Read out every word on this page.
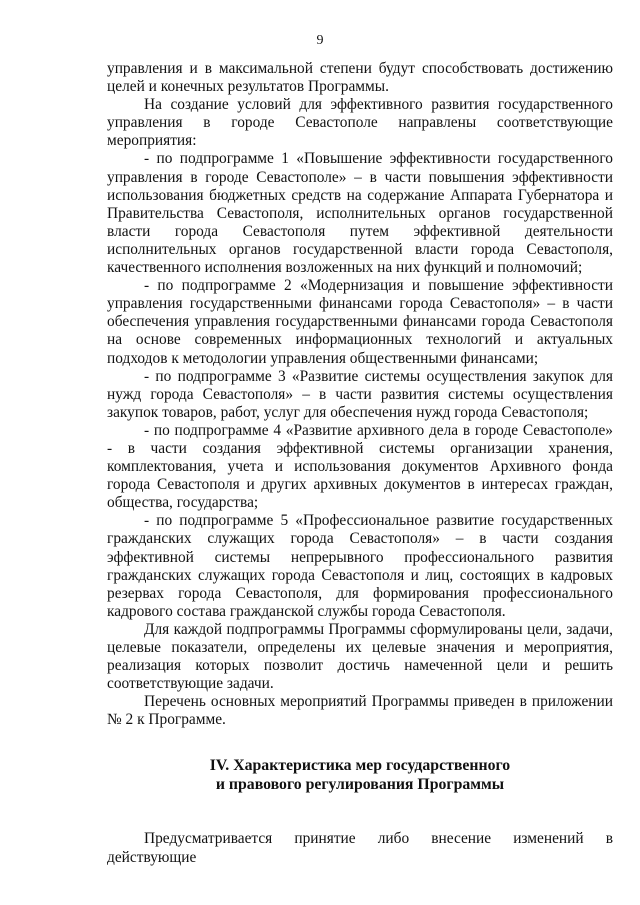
9

управления и в максимальной степени будут способствовать достижению целей и конечных результатов Программы.

На создание условий для эффективного развития государственного управления в городе Севастополе направлены соответствующие мероприятия:

- по подпрограмме 1 «Повышение эффективности государственного управления в городе Севастополе» – в части повышения эффективности использования бюджетных средств на содержание Аппарата Губернатора и Правительства Севастополя, исполнительных органов государственной власти города Севастополя путем эффективной деятельности исполнительных органов государственной власти города Севастополя, качественного исполнения возложенных на них функций и полномочий;

- по подпрограмме 2 «Модернизация и повышение эффективности управления государственными финансами города Севастополя» – в части обеспечения управления государственными финансами города Севастополя на основе современных информационных технологий и актуальных подходов к методологии управления общественными финансами;

- по подпрограмме 3 «Развитие системы осуществления закупок для нужд города Севастополя» – в части развития системы осуществления закупок товаров, работ, услуг для обеспечения нужд города Севастополя;

- по подпрограмме 4 «Развитие архивного дела в городе Севастополе» - в части создания эффективной системы организации хранения, комплектования, учета и использования документов Архивного фонда города Севастополя и других архивных документов в интересах граждан, общества, государства;

- по подпрограмме 5 «Профессиональное развитие государственных гражданских служащих города Севастополя» – в части создания эффективной системы непрерывного профессионального развития гражданских служащих города Севастополя и лиц, состоящих в кадровых резервах города Севастополя, для формирования профессионального кадрового состава гражданской службы города Севастополя.

Для каждой подпрограммы Программы сформулированы цели, задачи, целевые показатели, определены их целевые значения и мероприятия, реализация которых позволит достичь намеченной цели и решить соответствующие задачи.

Перечень основных мероприятий Программы приведен в приложении № 2 к Программе.

IV. Характеристика мер государственного
и правового регулирования Программы

Предусматривается принятие либо внесение изменений в действующие
